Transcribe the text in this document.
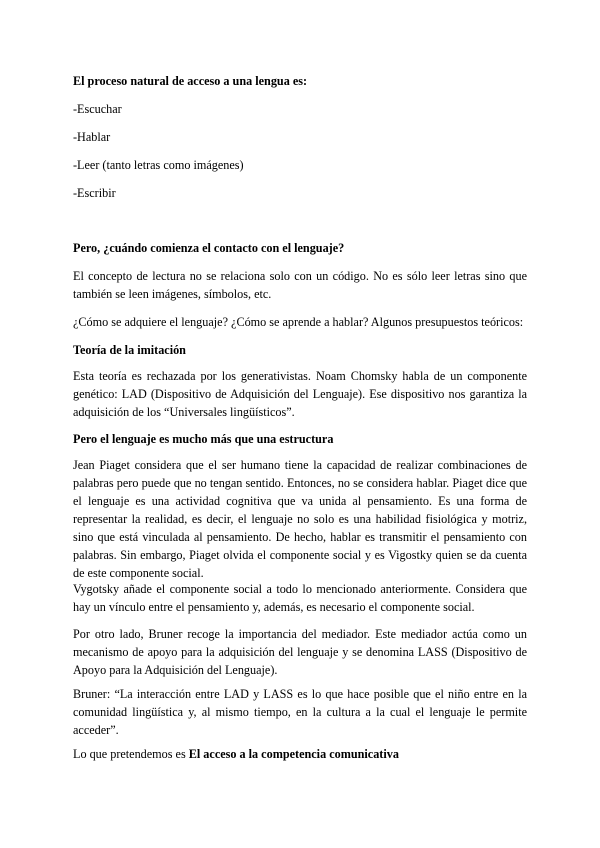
El proceso natural de acceso a una lengua es:

-Escuchar

-Hablar

-Leer (tanto letras como imágenes)

-Escribir

Pero, ¿cuándo comienza el contacto con el lenguaje?

El concepto de lectura no se relaciona solo con un código. No es sólo leer letras sino que también se leen imágenes, símbolos, etc.

¿Cómo se adquiere el lenguaje? ¿Cómo se aprende a hablar? Algunos presupuestos teóricos:

Teoría de la imitación

Esta teoría es rechazada por los generativistas. Noam Chomsky habla de un componente genético: LAD (Dispositivo de Adquisición del Lenguaje). Ese dispositivo nos garantiza la adquisición de los “Universales lingüísticos”.

Pero el lenguaje es mucho más que una estructura

Jean Piaget considera que el ser humano tiene la capacidad de realizar combinaciones de palabras pero puede que no tengan sentido. Entonces, no se considera hablar. Piaget dice que el lenguaje es una actividad cognitiva que va unida al pensamiento. Es una forma de representar la realidad, es decir, el lenguaje no solo es una habilidad fisiológica y motriz, sino que está vinculada al pensamiento. De hecho, hablar es transmitir el pensamiento con palabras. Sin embargo, Piaget olvida el componente social y es Vigostky quien se da cuenta de este componente social.

Vygotsky añade el componente social a todo lo mencionado anteriormente. Considera que hay un vínculo entre el pensamiento y, además, es necesario el componente social.

Por otro lado, Bruner recoge la importancia del mediador. Este mediador actúa como un mecanismo de apoyo para la adquisición del lenguaje y se denomina LASS (Dispositivo de Apoyo para la Adquisición del Lenguaje).

Bruner: “La interacción entre LAD y LASS es lo que hace posible que el niño entre en la comunidad lingüística y, al mismo tiempo, en la cultura a la cual el lenguaje le permite acceder”.

Lo que pretendemos es El acceso a la competencia comunicativa
